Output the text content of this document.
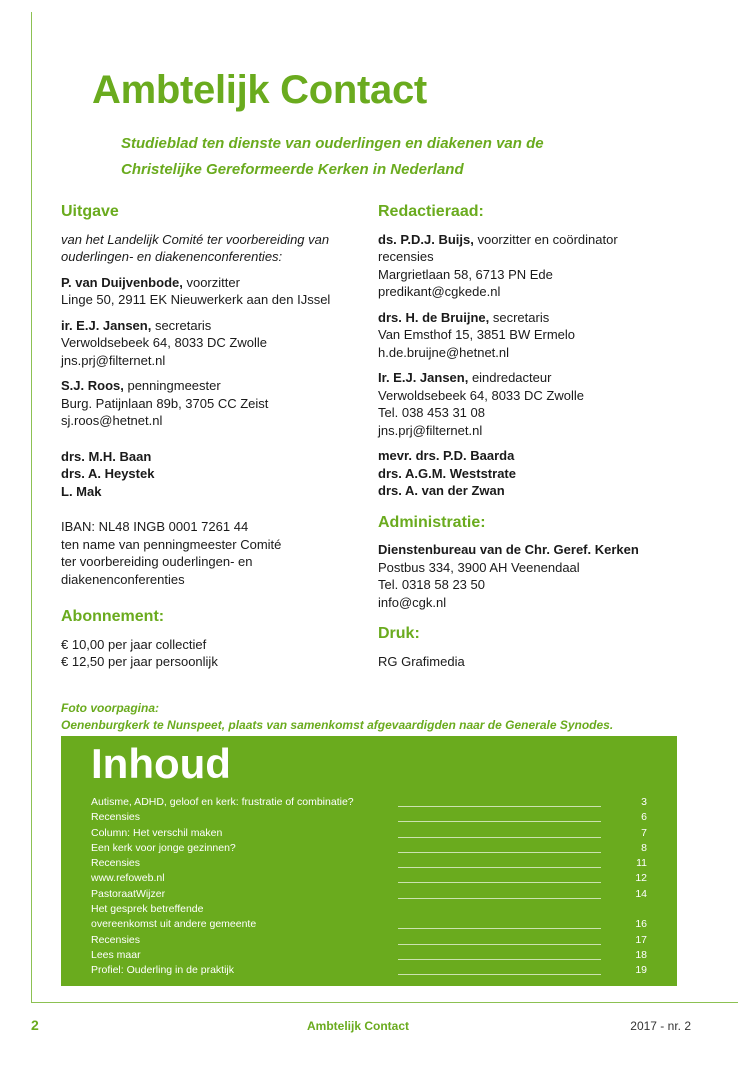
Ambtelijk Contact

Studieblad ten dienste van ouderlingen en diakenen van de
Christelijke Gereformeerde Kerken in Nederland

Uitgave

van het Landelijk Comité ter voorbereiding van
ouderlingen- en diakenenconferenties:

P. van Duijvenbode, voorzitter
Linge 50, 2911 EK Nieuwerkerk aan den IJssel

ir. E.J. Jansen, secretaris
Verwoldsebeek 64, 8033 DC Zwolle
jns.prj@filternet.nl

S.J. Roos, penningmeester
Burg. Patijnlaan 89b, 3705 CC Zeist
sj.roos@hetnet.nl

drs. M.H. Baan
drs. A. Heystek
L. Mak

IBAN: NL48 INGB 0001 7261 44
ten name van penningmeester Comité
ter voorbereiding ouderlingen- en
diakenenconferenties

Abonnement:

€ 10,00 per jaar collectief
€ 12,50 per jaar persoonlijk

Redactieraad:

ds. P.D.J. Buijs, voorzitter en coördinator
recensies
Margrietlaan 58, 6713 PN Ede
predikant@cgkede.nl

drs. H. de Bruijne, secretaris
Van Emsthof 15, 3851 BW Ermelo
h.de.bruijne@hetnet.nl

Ir. E.J. Jansen, eindredacteur
Verwoldsebeek 64, 8033 DC Zwolle
Tel. 038 453 31 08
jns.prj@filternet.nl

mevr. drs. P.D. Baarda
drs. A.G.M. Weststrate
drs. A. van der Zwan

Administratie:

Dienstenbureau van de Chr. Geref. Kerken
Postbus 334, 3900 AH Veenendaal
Tel. 0318 58 23 50
info@cgk.nl

Druk:

RG Grafimedia

Foto voorpagina:
Oenenburgkerk te Nunspeet, plaats van samenkomst afgevaardigden naar de Generale Synodes.

Inhoud
Autisme, ADHD, geloof en kerk: frustratie of combinatie?	3
Recensies	6
Column: Het verschil maken	7
Een kerk voor jonge gezinnen?	8
Recensies	11
www.refoweb.nl	12
PastoraatWijzer	14
Het gesprek betreffende
overeenkomst uit andere gemeente	16
Recensies	17
Lees maar	18
Profiel: Ouderling in de praktijk	19
2	Ambtelijk Contact	2017 - nr. 2
